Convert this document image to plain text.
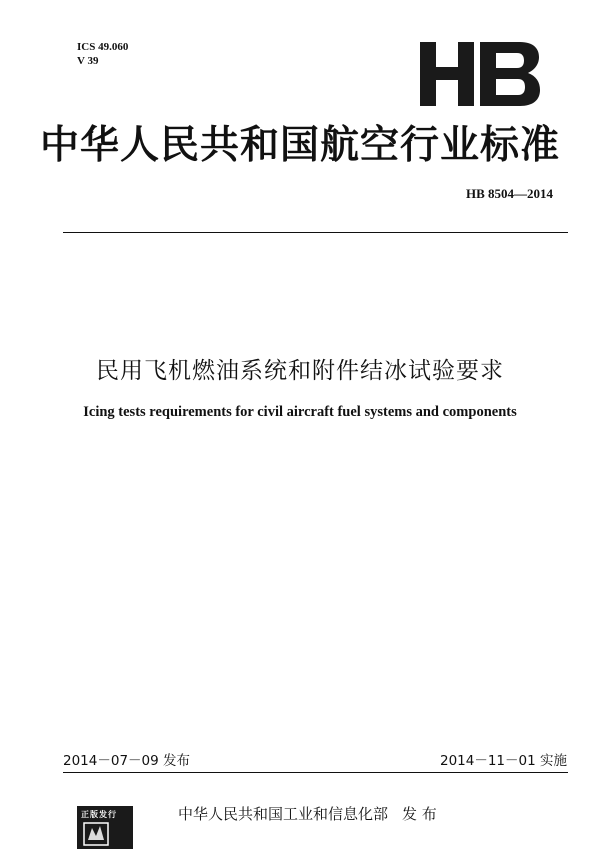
ICS 49.060
V 39
中华人民共和国航空行业标准
HB 8504—2014
民用飞机燃油系统和附件结冰试验要求
Icing tests requirements for civil aircraft fuel systems and components
2014－07－09 发布	2014－11－01 实施
正版发行	中华人民共和国工业和信息化部 发 布
